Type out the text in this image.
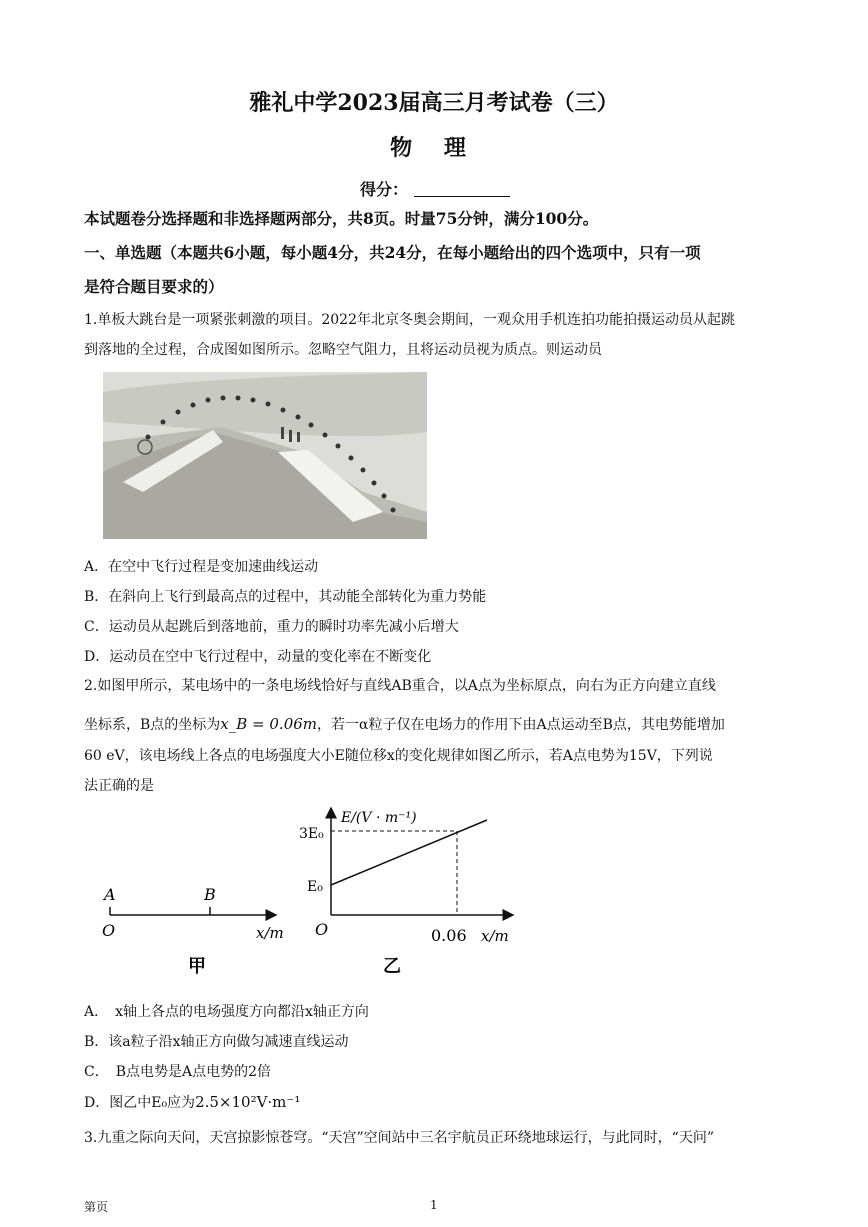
雅礼中学2023届高三月考试卷（三）
物 理
得分：
本试题卷分选择题和非选择题两部分，共8页。时量75分钟，满分100分。
一、单选题（本题共6小题，每小题4分，共24分，在每小题给出的四个选项中，只有一项
是符合题目要求的）
1.单板大跳台是一项紧张刺激的项目。2022年北京冬奥会期间，一观众用手机连拍功能拍摄运动员从起跳
到落地的全过程，合成图如图所示。忽略空气阻力，且将运动员视为质点。则运动员
A．在空中飞行过程是变加速曲线运动
B．在斜向上飞行到最高点的过程中，其动能全部转化为重力势能
C．运动员从起跳后到落地前，重力的瞬时功率先减小后增大
D．运动员在空中飞行过程中，动量的变化率在不断变化
2.如图甲所示，某电场中的一条电场线恰好与直线AB重合，以A点为坐标原点，向右为正方向建立直线
坐标系，B点的坐标为x_B = 0.06m，若一α粒子仅在电场力的作用下由A点运动至B点，其电势能增加
60 eV，该电场线上各点的电场强度大小E随位移x的变化规律如图乙所示，若A点电势为15V，下列说
法正确的是
A	B
O	x/m
甲
E/(V · m⁻¹)
3E₀
E₀
O	0.06 x/m
乙
A．　x轴上各点的电场强度方向都沿x轴正方向
B．该a粒子沿x轴正方向做匀减速直线运动
C．　B点电势是A点电势的2倍
D．图乙中E₀应为2.5×10²V·m⁻¹
3.九重之际向天问，天宫掠影惊苍穹。“天宫”空间站中三名宇航员正环绕地球运行，与此同时，“天问”
第页	1
